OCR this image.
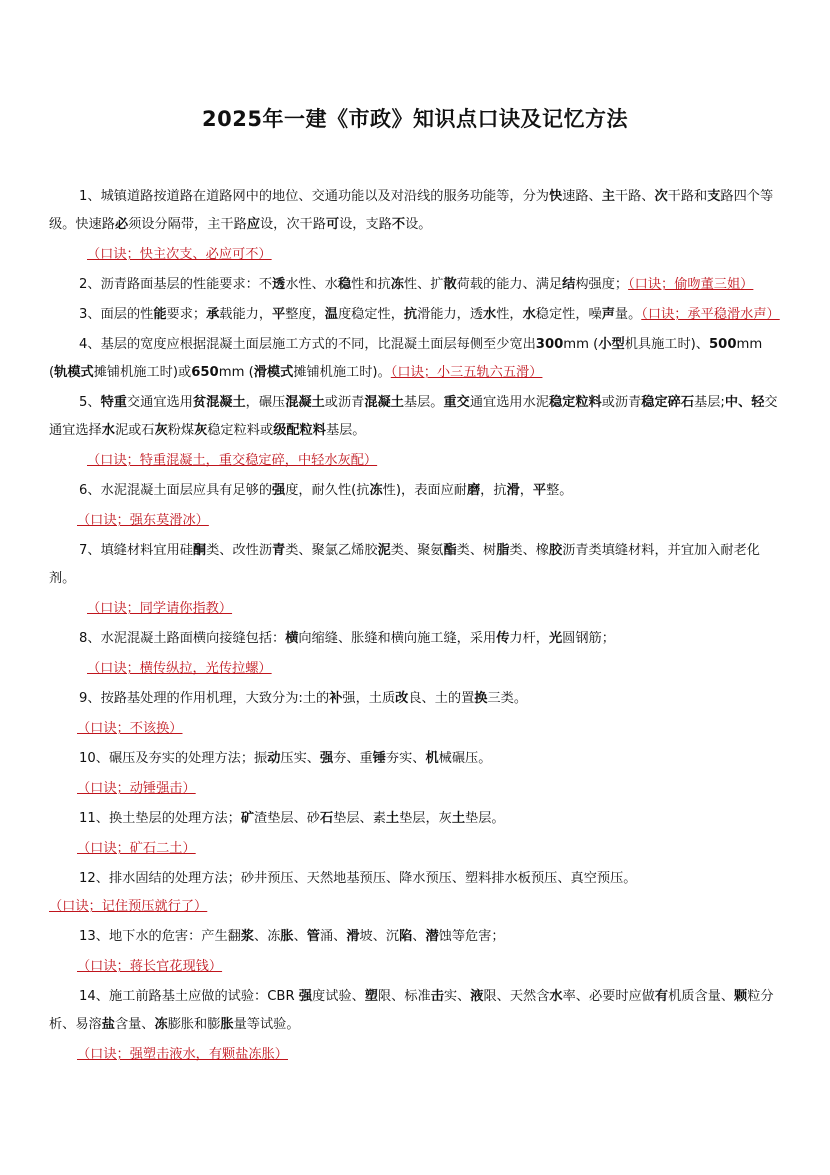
2025年一建《市政》知识点口诀及记忆方法

1、城镇道路按道路在道路网中的地位、交通功能以及对沿线的服务功能等，分为快速路、主干路、次干路和支路四个等级。快速路必须设分隔带，主干路应设，次干路可设，支路不设。

（口诀；快主次支、必应可不）

2、沥青路面基层的性能要求：不透水性、水稳性和抗冻性、扩散荷载的能力、满足结构强度；（口诀；偷吻董三姐）

3、面层的性能要求；承载能力，平整度，温度稳定性，抗滑能力，透水性，水稳定性，噪声量。（口诀；承平稳滑水声）

4、基层的宽度应根据混凝土面层施工方式的不同，比混凝土面层每侧至少宽出300mm (小型机具施工时)、500mm (轨模式摊铺机施工时)或650mm (滑模式摊铺机施工时)。（口诀；小三五轨六五滑）

5、特重交通宜选用贫混凝土，碾压混凝土或沥青混凝土基层。重交通宜选用水泥稳定粒料或沥青稳定碎石基层;中、轻交通宜选择水泥或石灰粉煤灰稳定粒料或级配粒料基层。

（口诀；特重混凝土，重交稳定碎，中轻水灰配）

6、水泥混凝土面层应具有足够的强度，耐久性(抗冻性)，表面应耐磨，抗滑，平整。

（口诀；强东莫滑冰）

7、填缝材料宜用硅酮类、改性沥青类、聚氯乙烯胶泥类、聚氨酯类、树脂类、橡胶沥青类填缝材料，并宜加入耐老化剂。

（口诀；同学请你指教）

8、水泥混凝土路面横向接缝包括：横向缩缝、胀缝和横向施工缝，采用传力杆，光圆钢筋；

（口诀；横传纵拉，光传拉螺）

9、按路基处理的作用机理，大致分为:土的补强，土质改良、土的置换三类。

（口诀；不该换）

10、碾压及夯实的处理方法；振动压实、强夯、重锤夯实、机械碾压。

（口诀；动锤强击）

11、换土垫层的处理方法；矿渣垫层、砂石垫层、素土垫层，灰土垫层。

（口诀；矿石二土）

12、排水固结的处理方法；砂井预压、天然地基预压、降水预压、塑料排水板预压、真空预压。（口诀；记住预压就行了）

13、地下水的危害：产生翻浆、冻胀、管涌、滑坡、沉陷、潜蚀等危害；

（口诀；蒋长官花现钱）

14、施工前路基土应做的试验：CBR 强度试验、塑限、标准击实、液限、天然含水率、必要时应做有机质含量、颗粒分析、易溶盐含量、冻膨胀和膨胀量等试验。

（口诀；强塑击液水，有颗盐冻胀）
